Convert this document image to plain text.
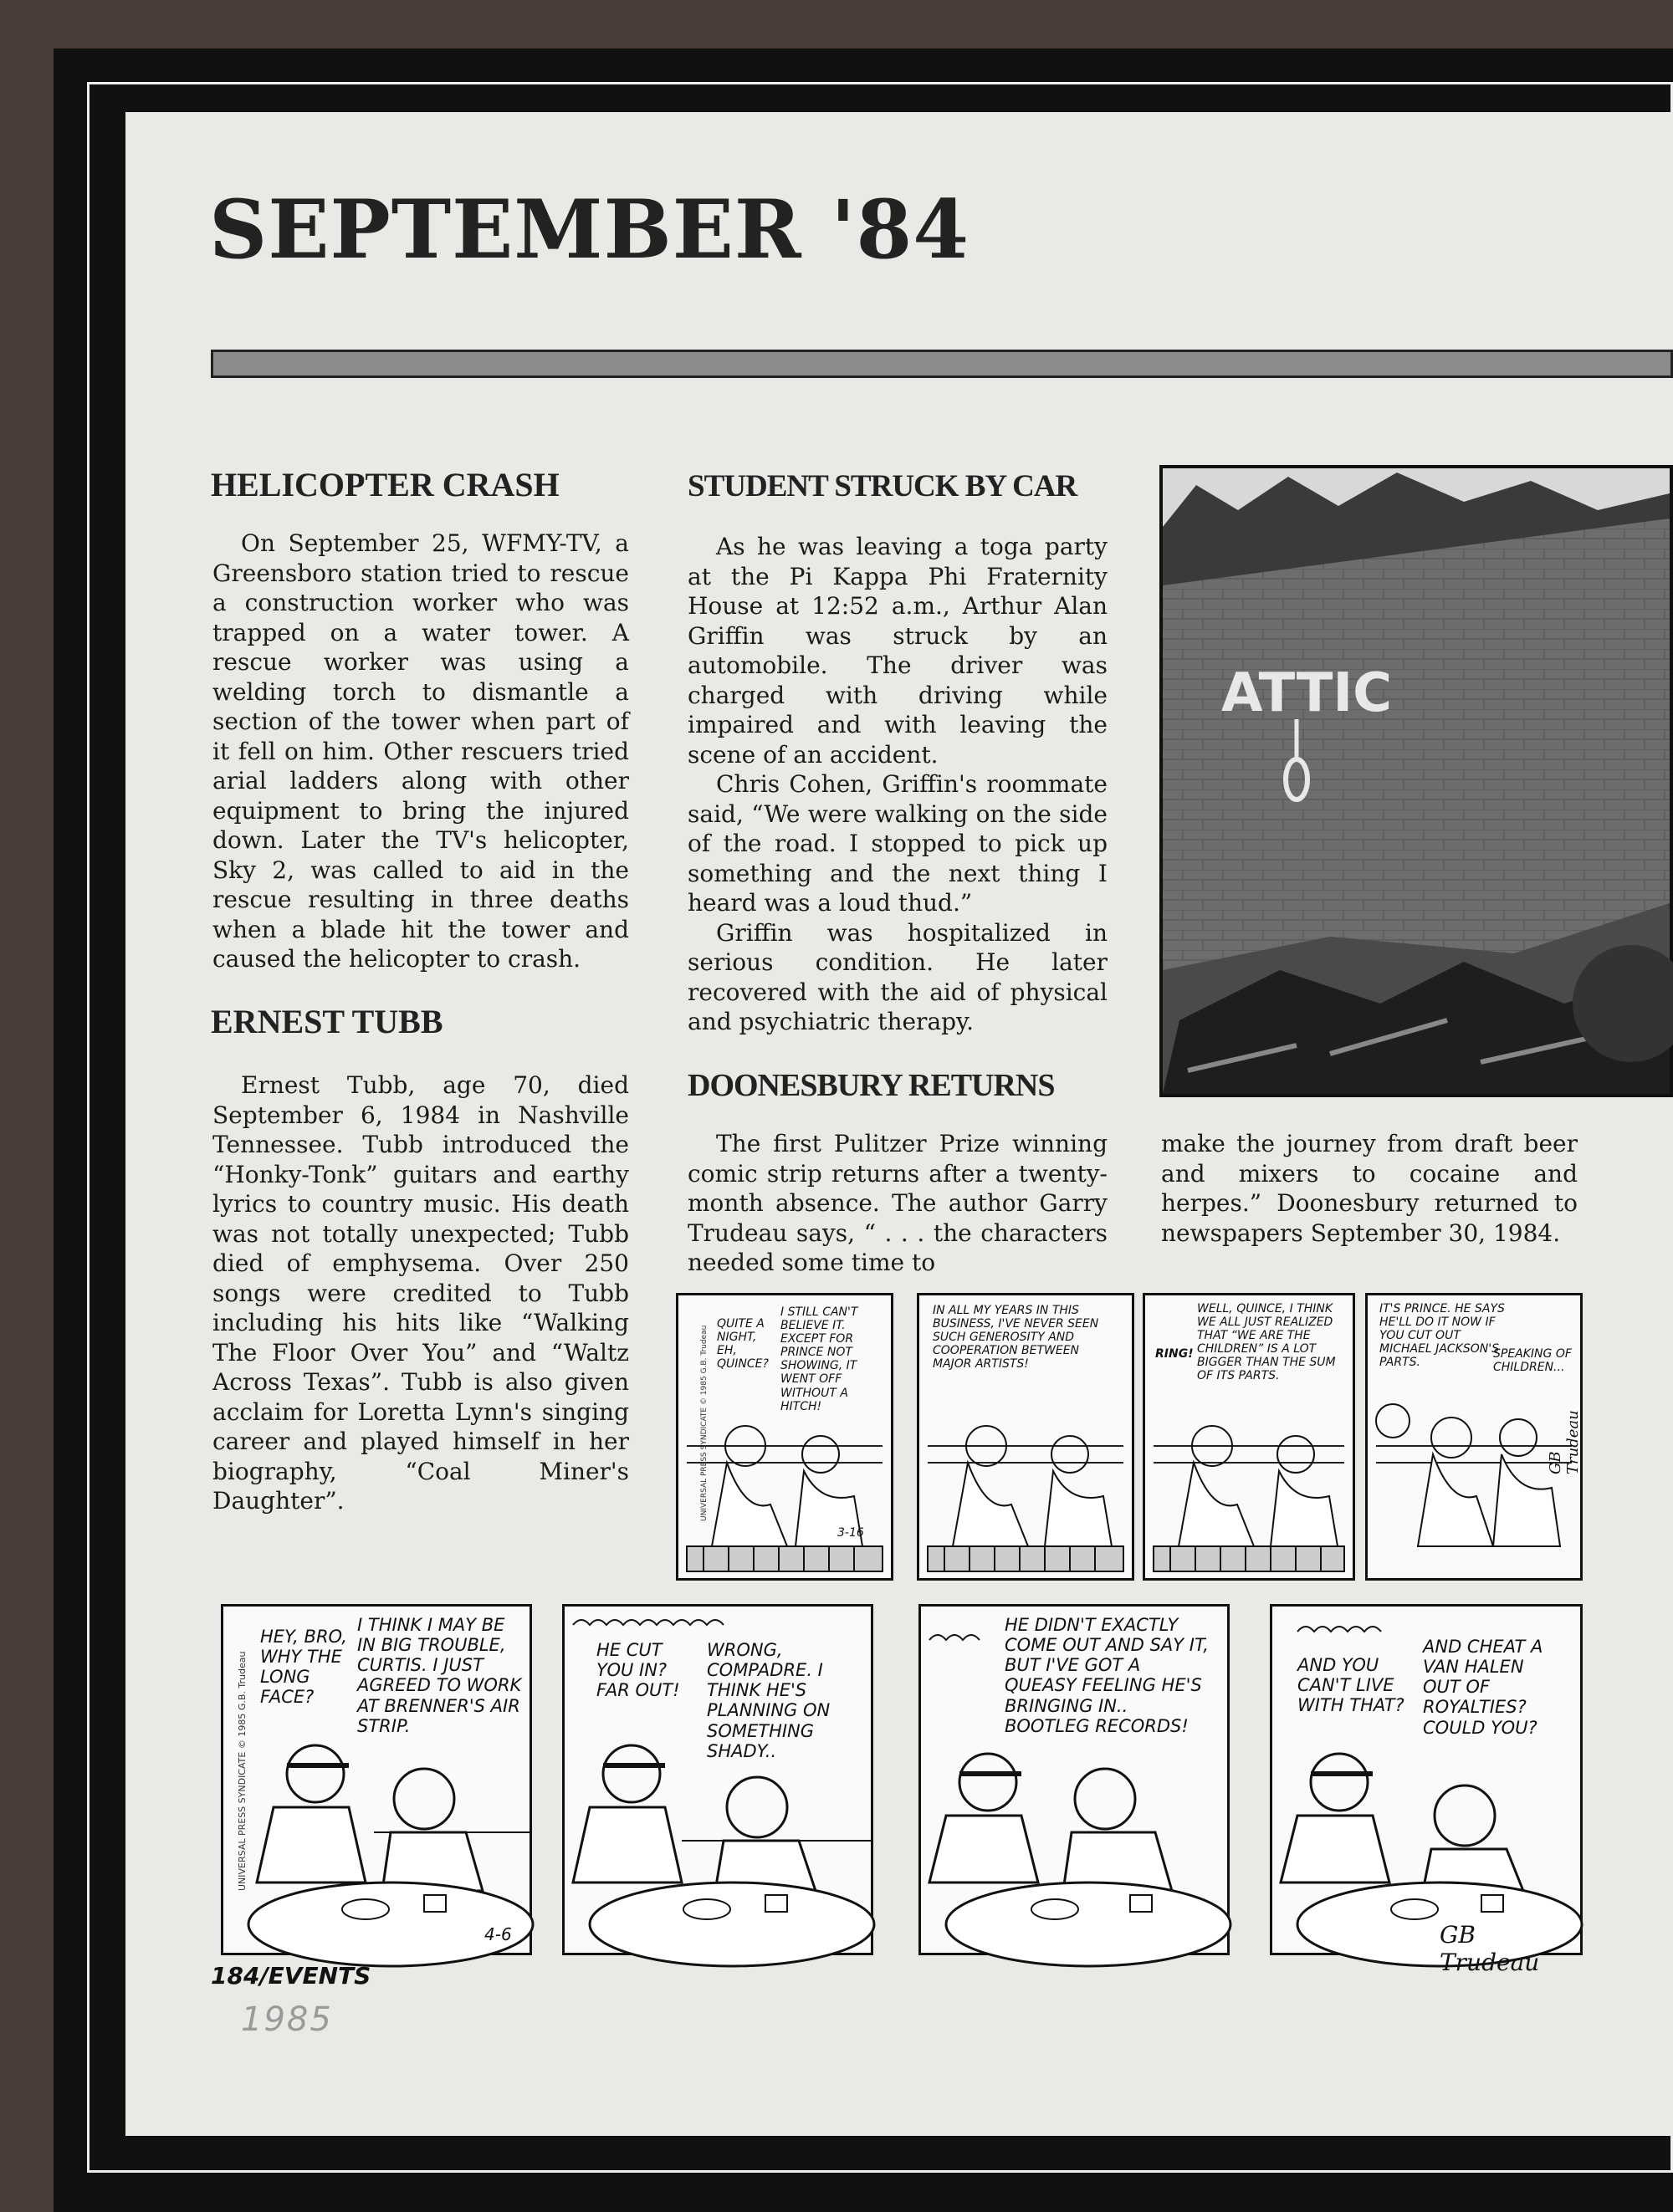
SEPTEMBER '84
HELICOPTER CRASH

On September 25, WFMY-TV, a Greensboro station tried to rescue a construction worker who was trapped on a water tower. A rescue worker was using a welding torch to dismantle a section of the tower when part of it fell on him. Other rescuers tried arial ladders along with other equipment to bring the injured down. Later the TV's helicopter, Sky 2, was called to aid in the rescue resulting in three deaths when a blade hit the tower and caused the helicopter to crash.

ERNEST TUBB

Ernest Tubb, age 70, died September 6, 1984 in Nashville Tennessee. Tubb introduced the “Honky-Tonk” guitars and earthy lyrics to country music. His death was not totally unexpected; Tubb died of emphysema. Over 250 songs were credited to Tubb including his hits like “Walking The Floor Over You” and “Waltz Across Texas”. Tubb is also given acclaim for Loretta Lynn's singing career and played himself in her biography, “Coal Miner's Daughter”.

STUDENT STRUCK BY CAR

As he was leaving a toga party at the Pi Kappa Phi Fraternity House at 12:52 a.m., Arthur Alan Griffin was struck by an automobile. The driver was charged with driving while impaired and with leaving the scene of an accident.

Chris Cohen, Griffin's roommate said, “We were walking on the side of the road. I stopped to pick up something and the next thing I heard was a loud thud.”

Griffin was hospitalized in serious condition. He later recovered with the aid of physical and psychiatric therapy.

DOONESBURY RETURNS

The first Pulitzer Prize winning comic strip returns after a twenty-month absence. The author Garry Trudeau says, “ . . . the characters needed some time to

make the journey from draft beer and mixers to cocaine and herpes.” Doonesbury returned to newspapers September 30, 1984.

ATTIC
QUITE A NIGHT, EH, QUINCE?
I STILL CAN'T BELIEVE IT. EXCEPT FOR PRINCE NOT SHOWING, IT WENT OFF WITHOUT A HITCH!
UNIVERSAL PRESS SYNDICATE © 1985 G.B. Trudeau
3-16
IN ALL MY YEARS IN THIS BUSINESS, I'VE NEVER SEEN SUCH GENEROSITY AND COOPERATION BETWEEN MAJOR ARTISTS!
RING!
WELL, QUINCE, I THINK WE ALL JUST REALIZED THAT “WE ARE THE CHILDREN” IS A LOT BIGGER THAN THE SUM OF ITS PARTS.
IT'S PRINCE. HE SAYS HE'LL DO IT NOW IF YOU CUT OUT MICHAEL JACKSON'S PARTS.
SPEAKING OF CHILDREN...
GB Trudeau
HEY, BRO, WHY THE LONG FACE?
I THINK I MAY BE IN BIG TROUBLE, CURTIS. I JUST AGREED TO WORK AT BRENNER'S AIR STRIP.
UNIVERSAL PRESS SYNDICATE © 1985 G.B. Trudeau
4-6
HE CUT YOU IN? FAR OUT!
WRONG, COMPADRE. I THINK HE'S PLANNING ON SOMETHING SHADY..
HE DIDN'T EXACTLY COME OUT AND SAY IT, BUT I'VE GOT A QUEASY FEELING HE'S BRINGING IN.. BOOTLEG RECORDS!
AND YOU CAN'T LIVE WITH THAT?
AND CHEAT A VAN HALEN OUT OF ROYALTIES? COULD YOU?
GB Trudeau

184/EVENTS

1985
